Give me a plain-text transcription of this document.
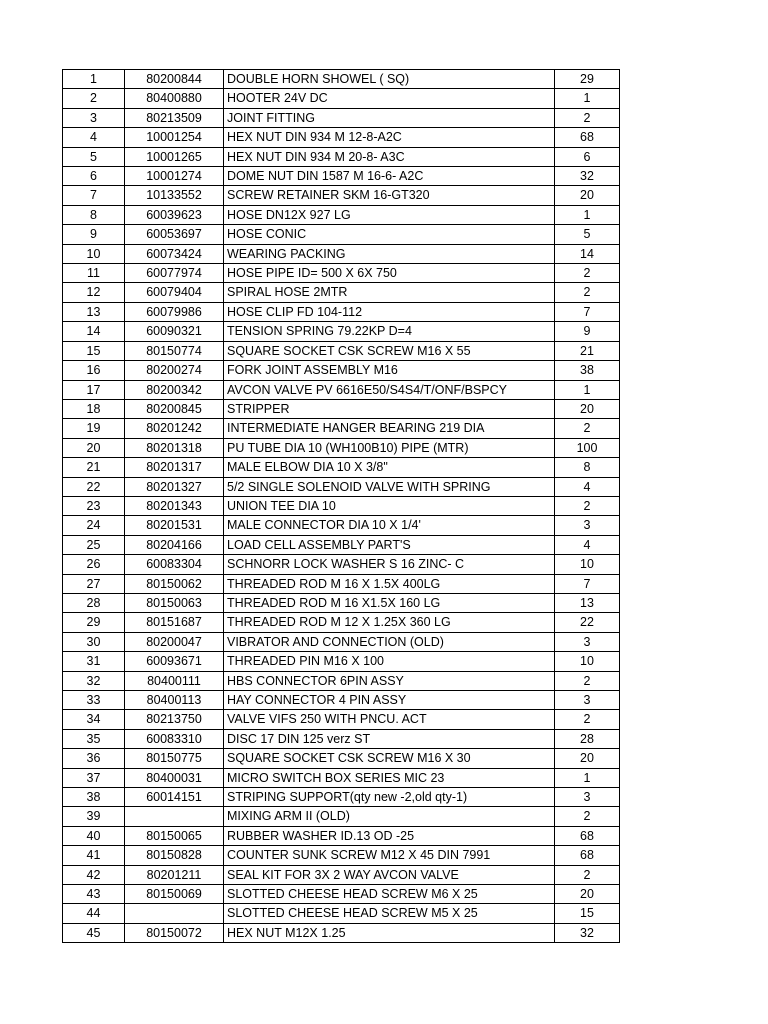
1	80200844	DOUBLE HORN SHOWEL ( SQ)	29
2	80400880	HOOTER 24V DC	1
3	80213509	JOINT FITTING	2
4	10001254	HEX NUT DIN 934 M 12-8-A2C	68
5	10001265	HEX NUT DIN 934 M 20-8- A3C	6
6	10001274	DOME NUT DIN 1587 M 16-6- A2C	32
7	10133552	SCREW RETAINER SKM 16-GT320	20
8	60039623	HOSE DN12X 927 LG	1
9	60053697	HOSE CONIC	5
10	60073424	WEARING PACKING	14
11	60077974	HOSE PIPE ID= 500 X 6X 750	2
12	60079404	SPIRAL HOSE 2MTR	2
13	60079986	HOSE CLIP FD 104-112	7
14	60090321	TENSION SPRING 79.22KP D=4	9
15	80150774	SQUARE SOCKET CSK SCREW M16 X 55	21
16	80200274	FORK JOINT ASSEMBLY M16	38
17	80200342	AVCON VALVE PV 6616E50/S4S4/T/ONF/BSPCY	1
18	80200845	STRIPPER	20
19	80201242	INTERMEDIATE HANGER BEARING 219 DIA	2
20	80201318	PU TUBE DIA 10 (WH100B10) PIPE (MTR)	100
21	80201317	MALE ELBOW DIA 10 X 3/8"	8
22	80201327	5/2 SINGLE SOLENOID VALVE WITH SPRING	4
23	80201343	UNION TEE DIA 10	2
24	80201531	MALE CONNECTOR DIA 10 X 1/4'	3
25	80204166	LOAD CELL ASSEMBLY PART'S	4
26	60083304	SCHNORR LOCK WASHER S 16 ZINC- C	10
27	80150062	THREADED ROD M 16 X 1.5X 400LG	7
28	80150063	THREADED ROD M 16 X1.5X 160 LG	13
29	80151687	THREADED ROD M 12 X 1.25X 360 LG	22
30	80200047	VIBRATOR AND CONNECTION (OLD)	3
31	60093671	THREADED PIN M16 X 100	10
32	80400111	HBS CONNECTOR 6PIN ASSY	2
33	80400113	HAY CONNECTOR 4 PIN ASSY	3
34	80213750	VALVE VIFS 250 WITH PNCU. ACT	2
35	60083310	DISC 17 DIN 125 verz ST	28
36	80150775	SQUARE SOCKET CSK SCREW M16 X 30	20
37	80400031	MICRO SWITCH BOX SERIES MIC 23	1
38	60014151	STRIPING SUPPORT(qty new -2,old qty-1)	3
39		MIXING ARM II (OLD)	2
40	80150065	RUBBER WASHER ID.13 OD -25	68
41	80150828	COUNTER SUNK SCREW M12 X 45 DIN 7991	68
42	80201211	SEAL KIT FOR 3X 2 WAY AVCON VALVE	2
43	80150069	SLOTTED CHEESE HEAD SCREW M6 X 25	20
44		SLOTTED CHEESE HEAD SCREW M5 X 25	15
45	80150072	HEX NUT M12X 1.25	32
